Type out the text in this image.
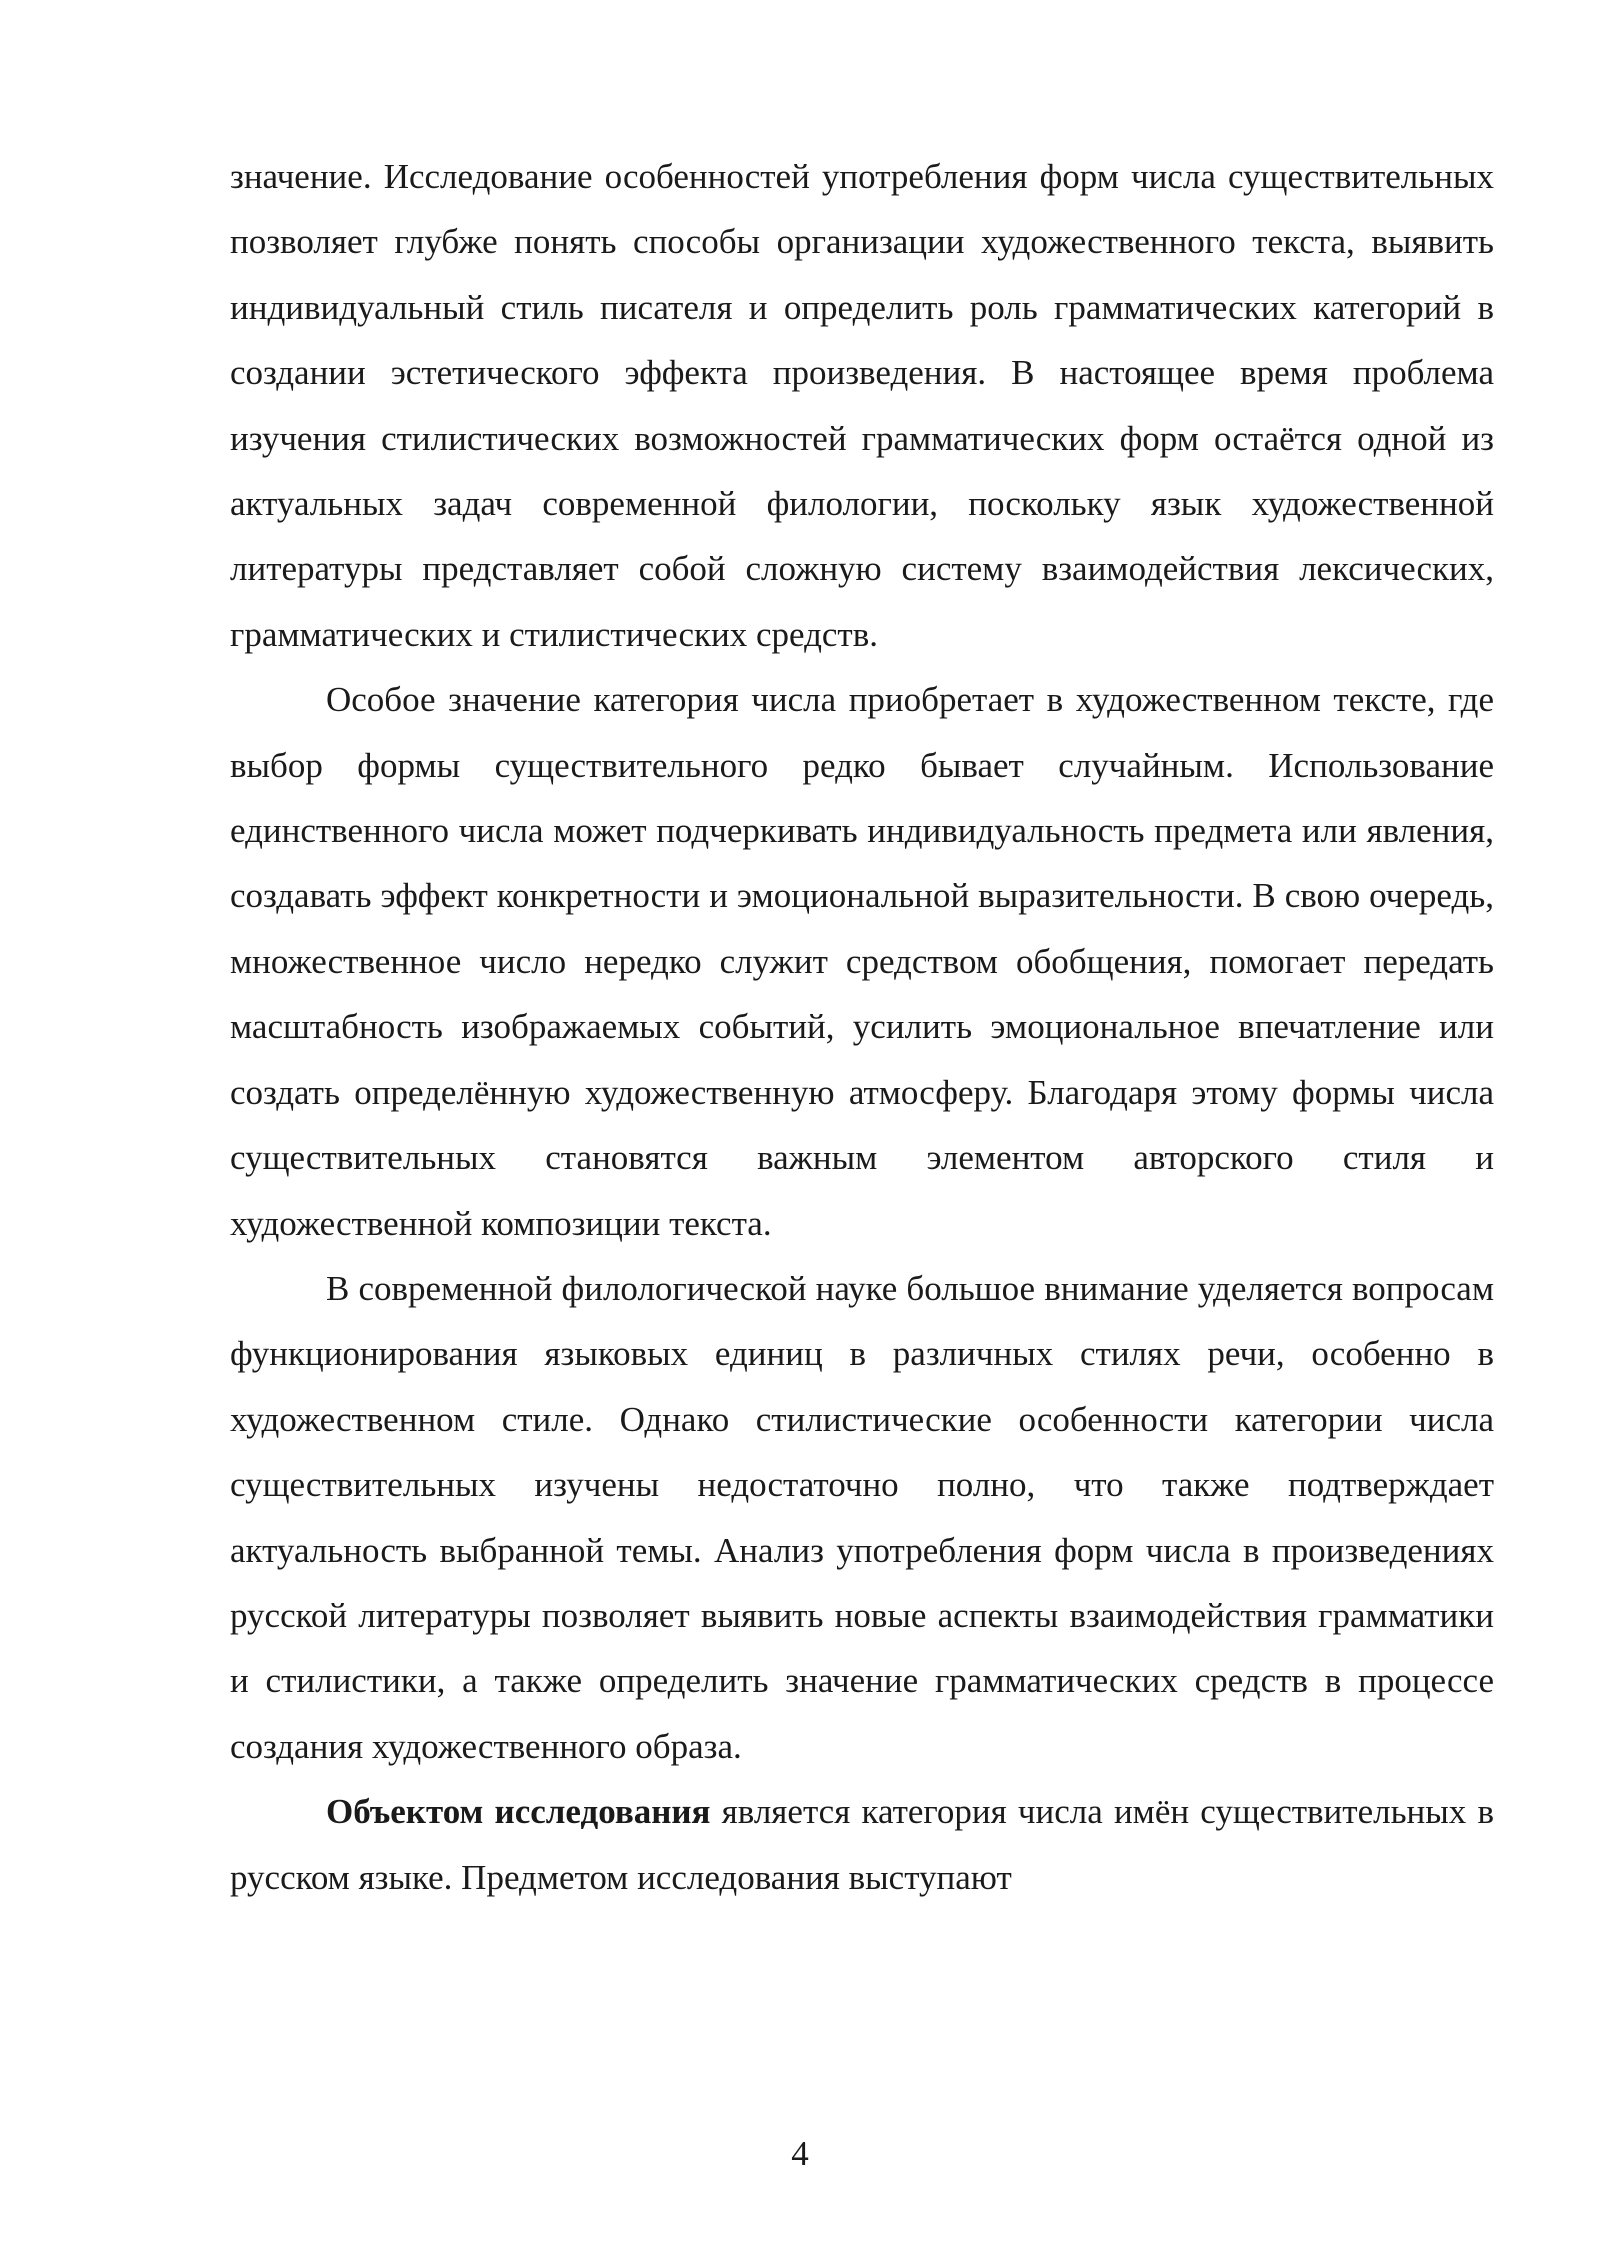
значение. Исследование особенностей употребления форм числа существительных позволяет глубже понять способы организации художественного текста, выявить индивидуальный стиль писателя и определить роль грамматических категорий в создании эстетического эффекта произведения. В настоящее время проблема изучения стилистических возможностей грамматических форм остаётся одной из актуальных задач современной филологии, поскольку язык художественной литературы представляет собой сложную систему взаимодействия лексических, грамматических и стилистических средств.

Особое значение категория числа приобретает в художественном тексте, где выбор формы существительного редко бывает случайным. Использование единственного числа может подчеркивать индивидуальность предмета или явления, создавать эффект конкретности и эмоциональной выразительности. В свою очередь, множественное число нередко служит средством обобщения, помогает передать масштабность изображаемых событий, усилить эмоциональное впечатление или создать определённую художественную атмосферу. Благодаря этому формы числа существительных становятся важным элементом авторского стиля и художественной композиции текста.

В современной филологической науке большое внимание уделяется вопросам функционирования языковых единиц в различных стилях речи, особенно в художественном стиле. Однако стилистические особенности категории числа существительных изучены недостаточно полно, что также подтверждает актуальность выбранной темы. Анализ употребления форм числа в произведениях русской литературы позволяет выявить новые аспекты взаимодействия грамматики и стилистики, а также определить значение грамматических средств в процессе создания художественного образа.

Объектом исследования является категория числа имён существительных в русском языке. Предметом исследования выступают

4
